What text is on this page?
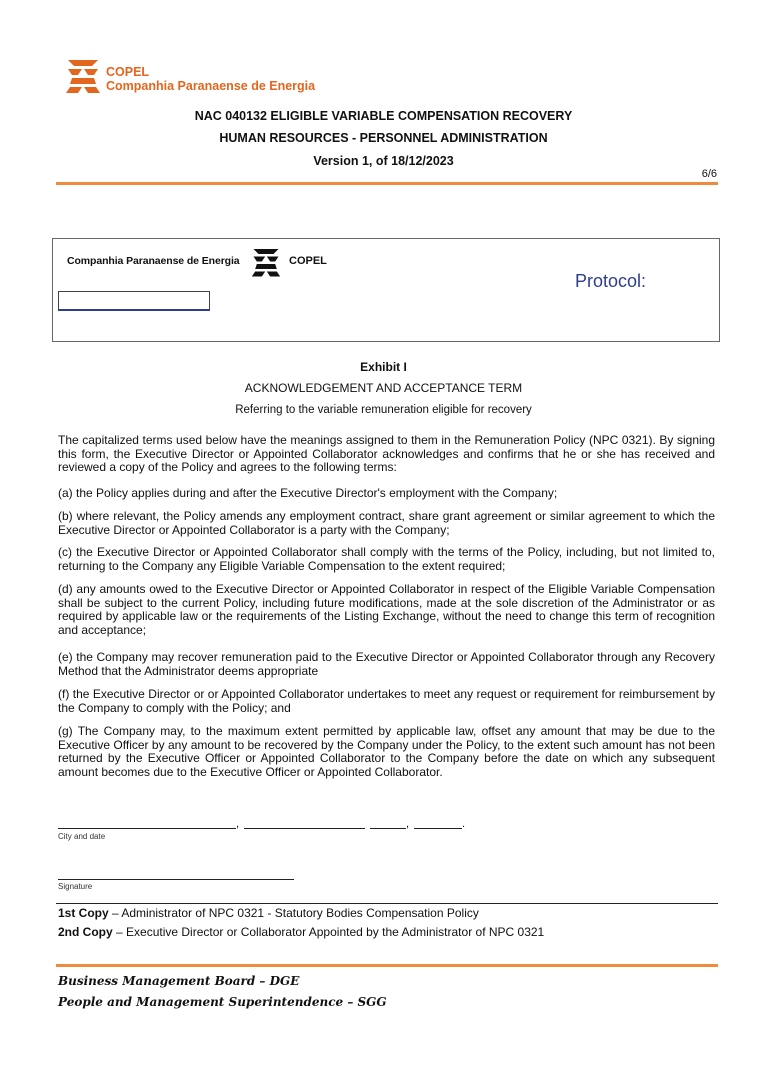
COPEL
Companhia Paranaense de Energia
NAC 040132 ELIGIBLE VARIABLE COMPENSATION RECOVERY
HUMAN RESOURCES - PERSONNEL ADMINISTRATION
Version 1, of 18/12/2023
6/6
Companhia Paranaense de Energia	COPEL
Protocol:
Exhibit I
ACKNOWLEDGEMENT AND ACCEPTANCE TERM
Referring to the variable remuneration eligible for recovery

The capitalized terms used below have the meanings assigned to them in the Remuneration Policy (NPC 0321). By signing this form, the Executive Director or Appointed Collaborator acknowledges and confirms that he or she has received and reviewed a copy of the Policy and agrees to the following terms:

(a) the Policy applies during and after the Executive Director's employment with the Company;

(b) where relevant, the Policy amends any employment contract, share grant agreement or similar agreement to which the Executive Director or Appointed Collaborator is a party with the Company;

(c) the Executive Director or Appointed Collaborator shall comply with the terms of the Policy, including, but not limited to, returning to the Company any Eligible Variable Compensation to the extent required;

(d) any amounts owed to the Executive Director or Appointed Collaborator in respect of the Eligible Variable Compensation shall be subject to the current Policy, including future modifications, made at the sole discretion of the Administrator or as required by applicable law or the requirements of the Listing Exchange, without the need to change this term of recognition and acceptance;

(e) the Company may recover remuneration paid to the Executive Director or Appointed Collaborator through any Recovery Method that the Administrator deems appropriate

(f) the Executive Director or or Appointed Collaborator undertakes to meet any request or requirement for reimbursement by the Company to comply with the Policy; and

(g) The Company may, to the maximum extent permitted by applicable law, offset any amount that may be due to the Executive Officer by any amount to be recovered by the Company under the Policy, to the extent such amount has not been returned by the Executive Officer or Appointed Collaborator to the Company before the date on which any subsequent amount becomes due to the Executive Officer or Appointed Collaborator.

,	,	.
City and date
Signature
1st Copy – Administrator of NPC 0321 - Statutory Bodies Compensation Policy
2nd Copy – Executive Director or Collaborator Appointed by the Administrator of NPC 0321
Business Management Board – DGE
People and Management Superintendence – SGG
